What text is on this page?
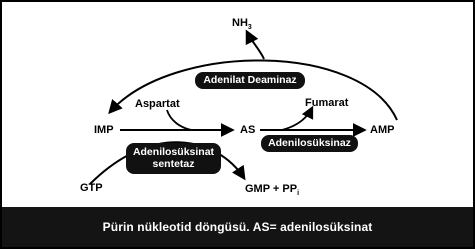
$NH_3$
Aspartat	Fumarat
IMP	AS	AMP
GTP	GMP + $PP_i$
Adenilat Deaminaz
Adenilosüksinaz
Adenilosüksinat
sentetaz
Pürin nükleotid döngüsü. AS= adenilosüksinat
